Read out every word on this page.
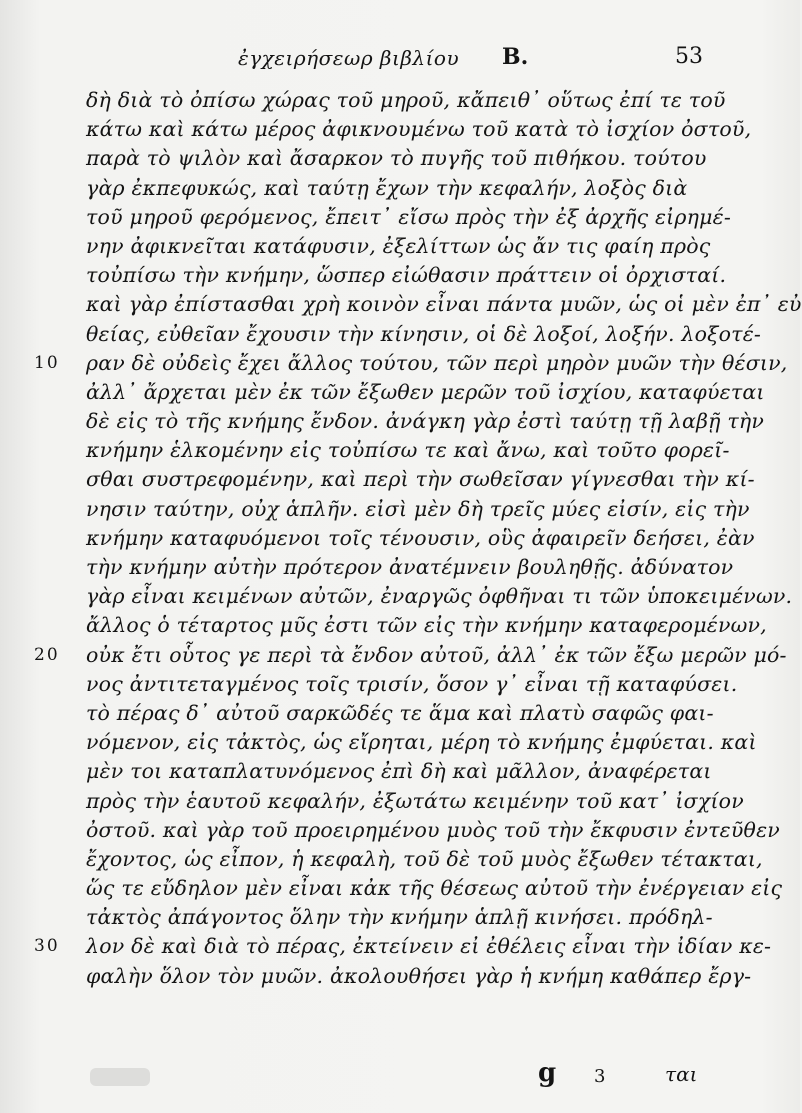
ἐγχειρήσεωρ βιβλίου B.	53
δὴ διὰ τὸ ὀπίσω χώρας τοῦ μηροῦ, κἄπειθ᾽ οὕτως ἐπί τε τοῦ
κάτω καὶ κάτω μέρος ἀφικνουμένω τοῦ κατὰ τὸ ἰσχίον ὀστοῦ,
παρὰ τὸ ψιλὸν καὶ ἄσαρκον τὸ πυγῆς τοῦ πιθήκου. τούτου
γὰρ ἐκπεφυκώς, καὶ ταύτῃ ἔχων τὴν κεφαλήν, λοξὸς διὰ
τοῦ μηροῦ φερόμενος, ἔπειτ᾽ εἴσω πρὸς τὴν ἐξ ἀρχῆς εἰρημέ-
νην ἀφικνεῖται κατάφυσιν, ἐξελίττων ὡς ἄν τις φαίη πρὸς
τοὐπίσω τὴν κνήμην, ὥσπερ εἰώθασιν πράττειν οἱ ὀρχισταί.
καὶ γὰρ ἐπίστασθαι χρὴ κοινὸν εἶναι πάντα μυῶν, ὡς οἱ μὲν ἐπ᾽ εὐ
θείας, εὐθεῖαν ἔχουσιν τὴν κίνησιν, οἱ δὲ λοξοί, λοξήν. λοξοτέ-
10 ραν δὲ οὐδεὶς ἔχει ἄλλος τούτου, τῶν περὶ μηρὸν μυῶν τὴν θέσιν,
ἀλλ᾽ ἄρχεται μὲν ἐκ τῶν ἔξωθεν μερῶν τοῦ ἰσχίου, καταφύεται
δὲ εἰς τὸ τῆς κνήμης ἔνδον. ἀνάγκη γὰρ ἐστὶ ταύτῃ τῇ λαβῇ τὴν
κνήμην ἑλκομένην εἰς τοὐπίσω τε καὶ ἄνω, καὶ τοῦτο φορεῖ-
σθαι συστρεφομένην, καὶ περὶ τὴν σωθεῖσαν γίγνεσθαι τὴν κί-
νησιν ταύτην, οὐχ ἁπλῆν. εἰσὶ μὲν δὴ τρεῖς μύες εἰσίν, εἰς τὴν
κνήμην καταφυόμενοι τοῖς τένουσιν, οὓς ἀφαιρεῖν δεήσει, ἐὰν
τὴν κνήμην αὐτὴν πρότερον ἀνατέμνειν βουληθῇς. ἀδύνατον
γὰρ εἶναι κειμένων αὐτῶν, ἐναργῶς ὀφθῆναι τι τῶν ὑποκειμένων.
ἄλλος ὁ τέταρτος μῦς ἐστι τῶν εἰς τὴν κνήμην καταφερομένων,
20 οὐκ ἔτι οὗτος γε περὶ τὰ ἔνδον αὐτοῦ, ἀλλ᾽ ἐκ τῶν ἔξω μερῶν μό-
νος ἀντιτεταγμένος τοῖς τρισίν, ὅσον γ᾽ εἶναι τῇ καταφύσει.
τὸ πέρας δ᾽ αὐτοῦ σαρκῶδές τε ἅμα καὶ πλατὺ σαφῶς φαι-
νόμενον, εἰς τἀκτὸς, ὡς εἴρηται, μέρη τὸ κνήμης ἐμφύεται. καὶ
μὲν τοι καταπλατυνόμενος ἐπὶ δὴ καὶ μᾶλλον, ἀναφέρεται
πρὸς τὴν ἑαυτοῦ κεφαλήν, ἐξωτάτω κειμένην τοῦ κατ᾽ ἰσχίον
ὀστοῦ. καὶ γὰρ τοῦ προειρημένου μυὸς τοῦ τὴν ἔκφυσιν ἐντεῦθεν
ἔχοντος, ὡς εἶπον, ἡ κεφαλὴ, τοῦ δὲ τοῦ μυὸς ἔξωθεν τέτακται,
ὥς τε εὔδηλον μὲν εἶναι κἀκ τῆς θέσεως αὐτοῦ τὴν ἐνέργειαν εἰς
τἀκτὸς ἀπάγοντος ὅλην τὴν κνήμην ἁπλῇ κινήσει. πρόδηλ-
30 λον δὲ καὶ διὰ τὸ πέρας, ἐκτείνειν εἰ ἐθέλεις εἶναι τὴν ἰδίαν κε-
φαλὴν ὅλον τὸν μυῶν. ἀκολουθήσει γὰρ ἡ κνήμη καθάπερ ἔργ-
g 3	ται
